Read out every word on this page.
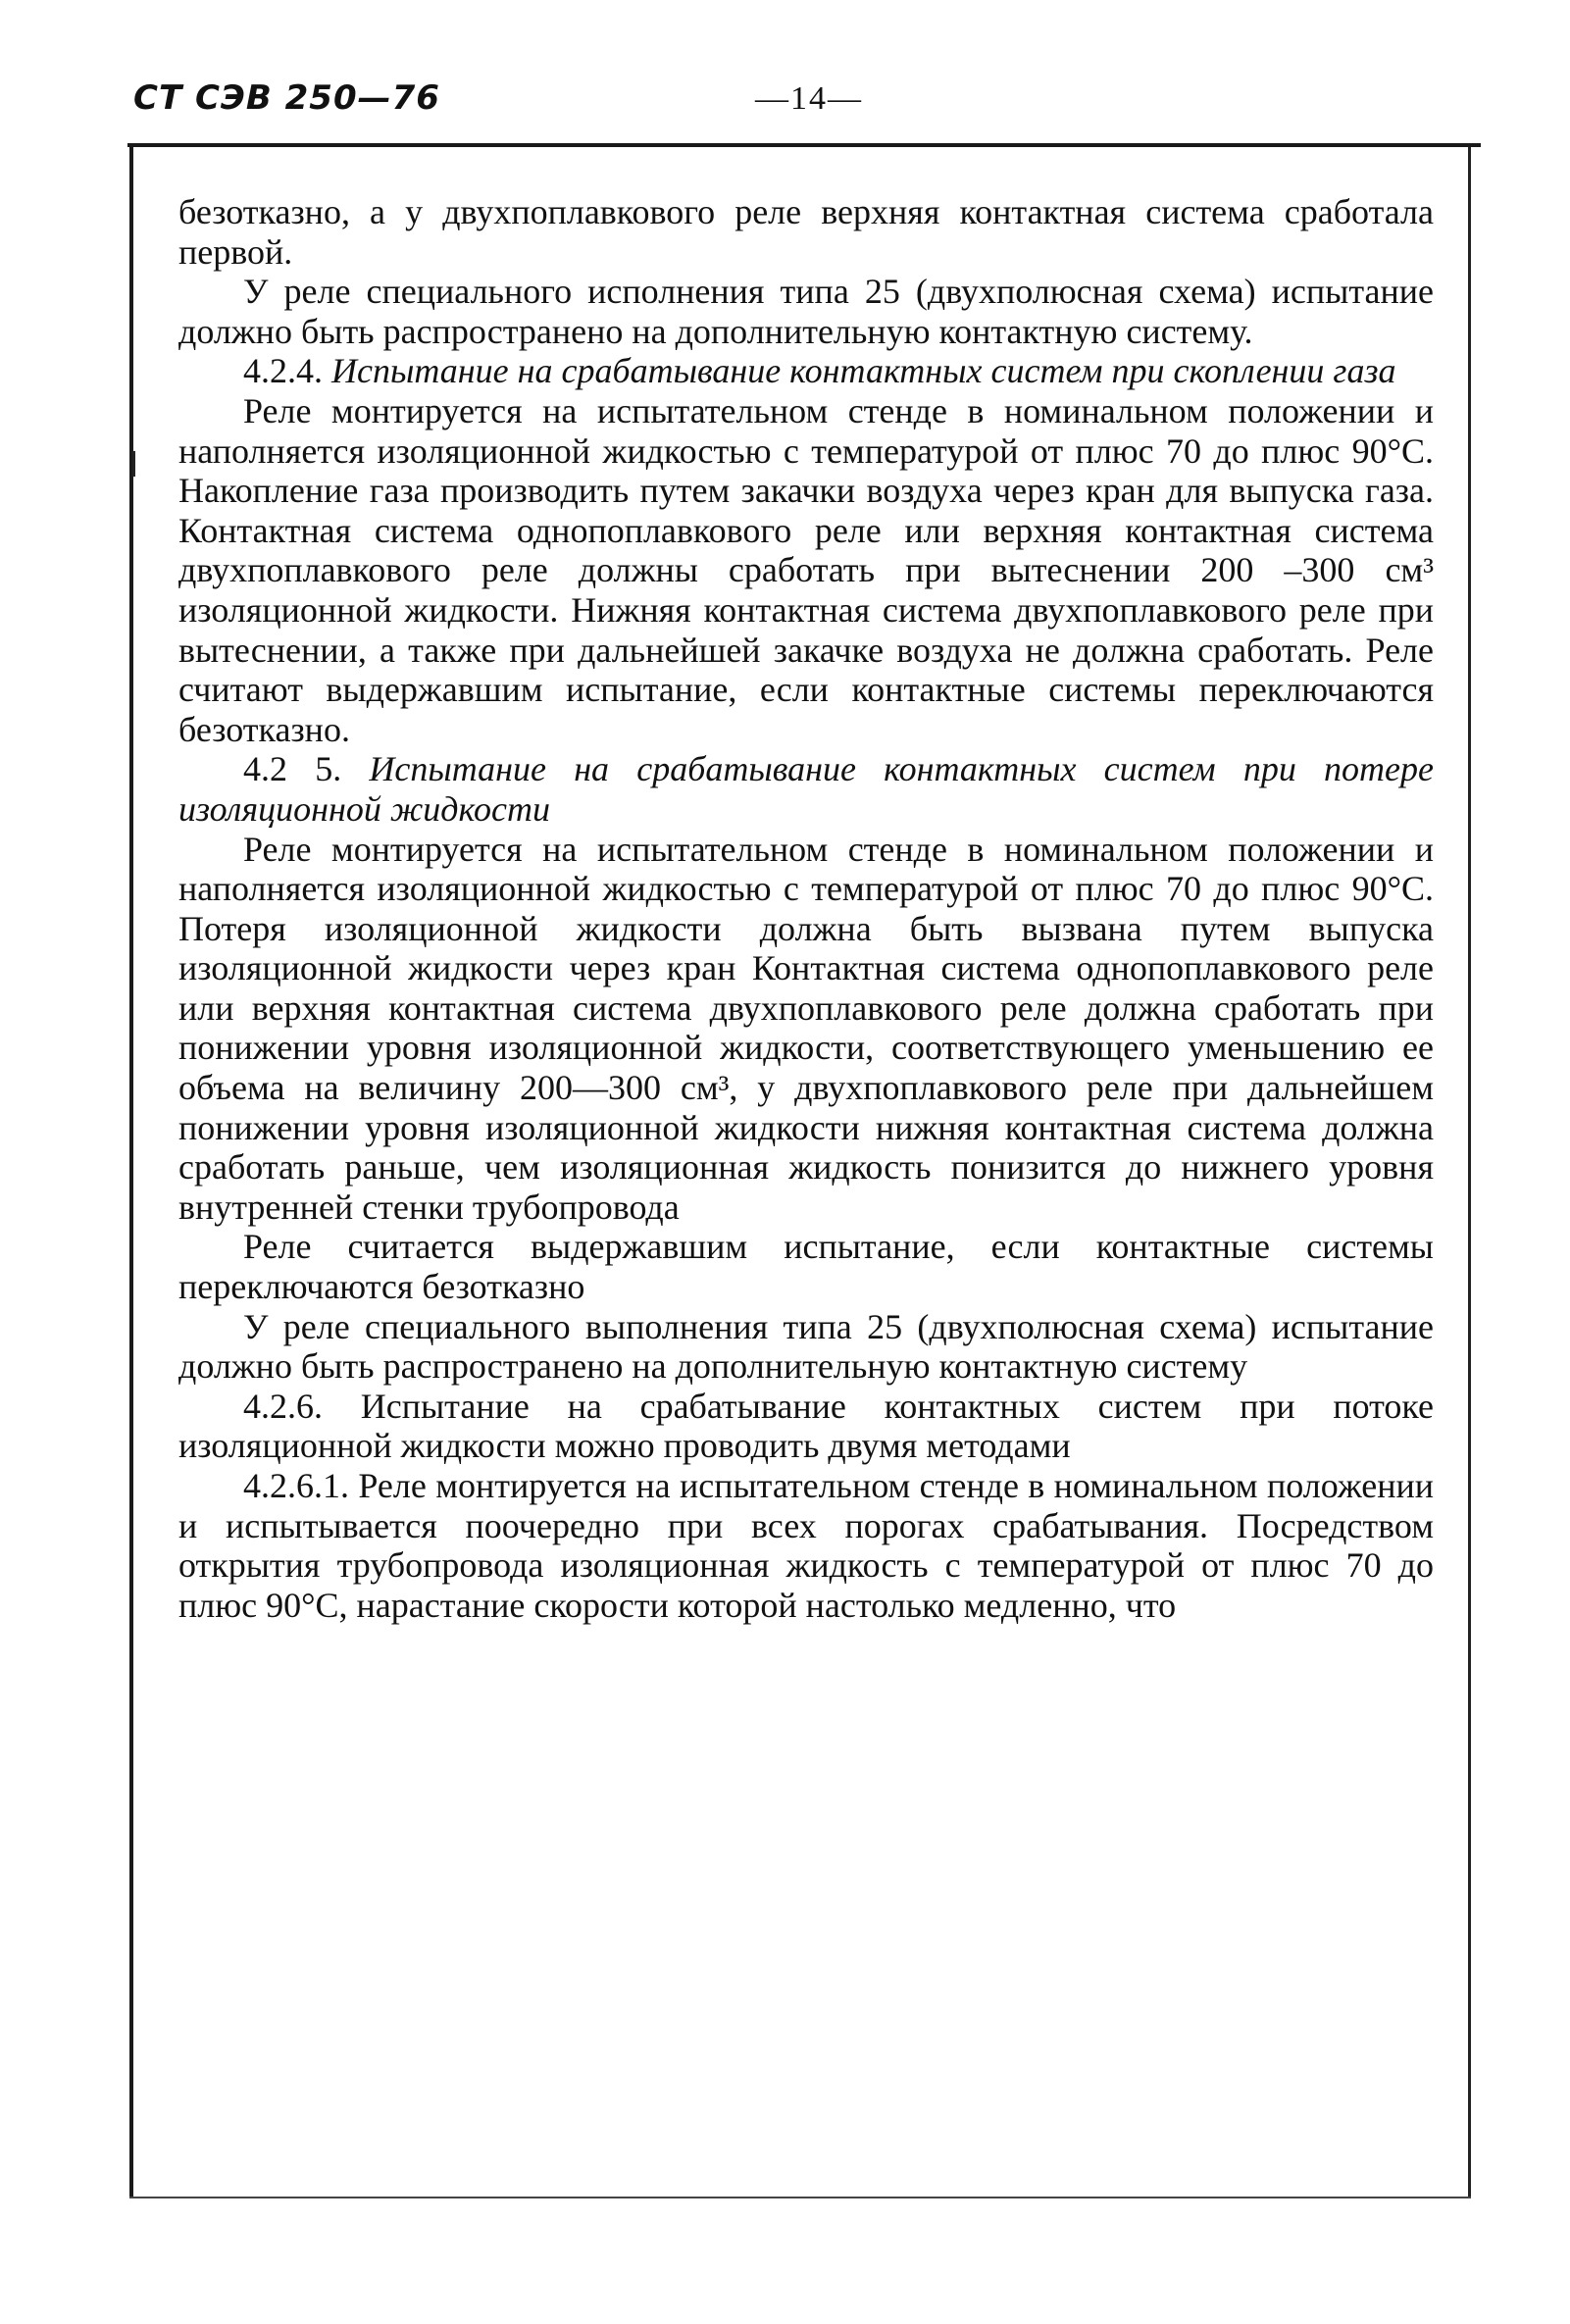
СТ СЭВ 250—76	—14—

безотказно, а у двухпоплавкового реле верхняя контактная система сработала первой.

У реле специального исполнения типа 25 (двухполюсная схема) испытание должно быть распространено на дополнительную контактную систему.

4.2.4. Испытание на срабатывание контактных систем при скоплении газа

Реле монтируется на испытательном стенде в номинальном положении и наполняется изоляционной жидкостью с температурой от плюс 70 до плюс 90°С. Накопление газа производить путем закачки воздуха через кран для выпуска газа. Контактная система однопоплавкового реле или верхняя контактная система двухпоплавкового реле должны сработать при вытеснении 200 –300 см³ изоляционной жидкости. Нижняя контактная система двухпоплавкового реле при вытеснении, а также при дальнейшей закачке воздуха не должна сработать. Реле считают выдержавшим испытание, если контактные системы переключаются безотказно.

4.2 5. Испытание на срабатывание контактных систем при потере изоляционной жидкости

Реле монтируется на испытательном стенде в номинальном положении и наполняется изоляционной жидкостью с температурой от плюс 70 до плюс 90°С. Потеря изоляционной жидкости должна быть вызвана путем выпуска изоляционной жидкости через кран Контактная система однопоплавкового реле или верхняя контактная система двухпоплавкового реле должна сработать при понижении уровня изоляционной жидкости, соответствующего уменьшению ее объема на величину 200—300 см³, у двухпоплавкового реле при дальнейшем понижении уровня изоляционной жидкости нижняя контактная система должна сработать раньше, чем изоляционная жидкость понизится до нижнего уровня внутренней стенки трубопровода

Реле считается выдержавшим испытание, если контактные системы переключаются безотказно

У реле специального выполнения типа 25 (двухполюсная схема) испытание должно быть распространено на дополнительную контактную систему

4.2.6. Испытание на срабатывание контактных систем при потоке изоляционной жидкости можно проводить двумя методами

4.2.6.1. Реле монтируется на испытательном стенде в номинальном положении и испытывается поочередно при всех порогах срабатывания. Посредством открытия трубопровода изоляционная жидкость с температурой от плюс 70 до плюс 90°С, нарастание скорости которой настолько медленно, что
